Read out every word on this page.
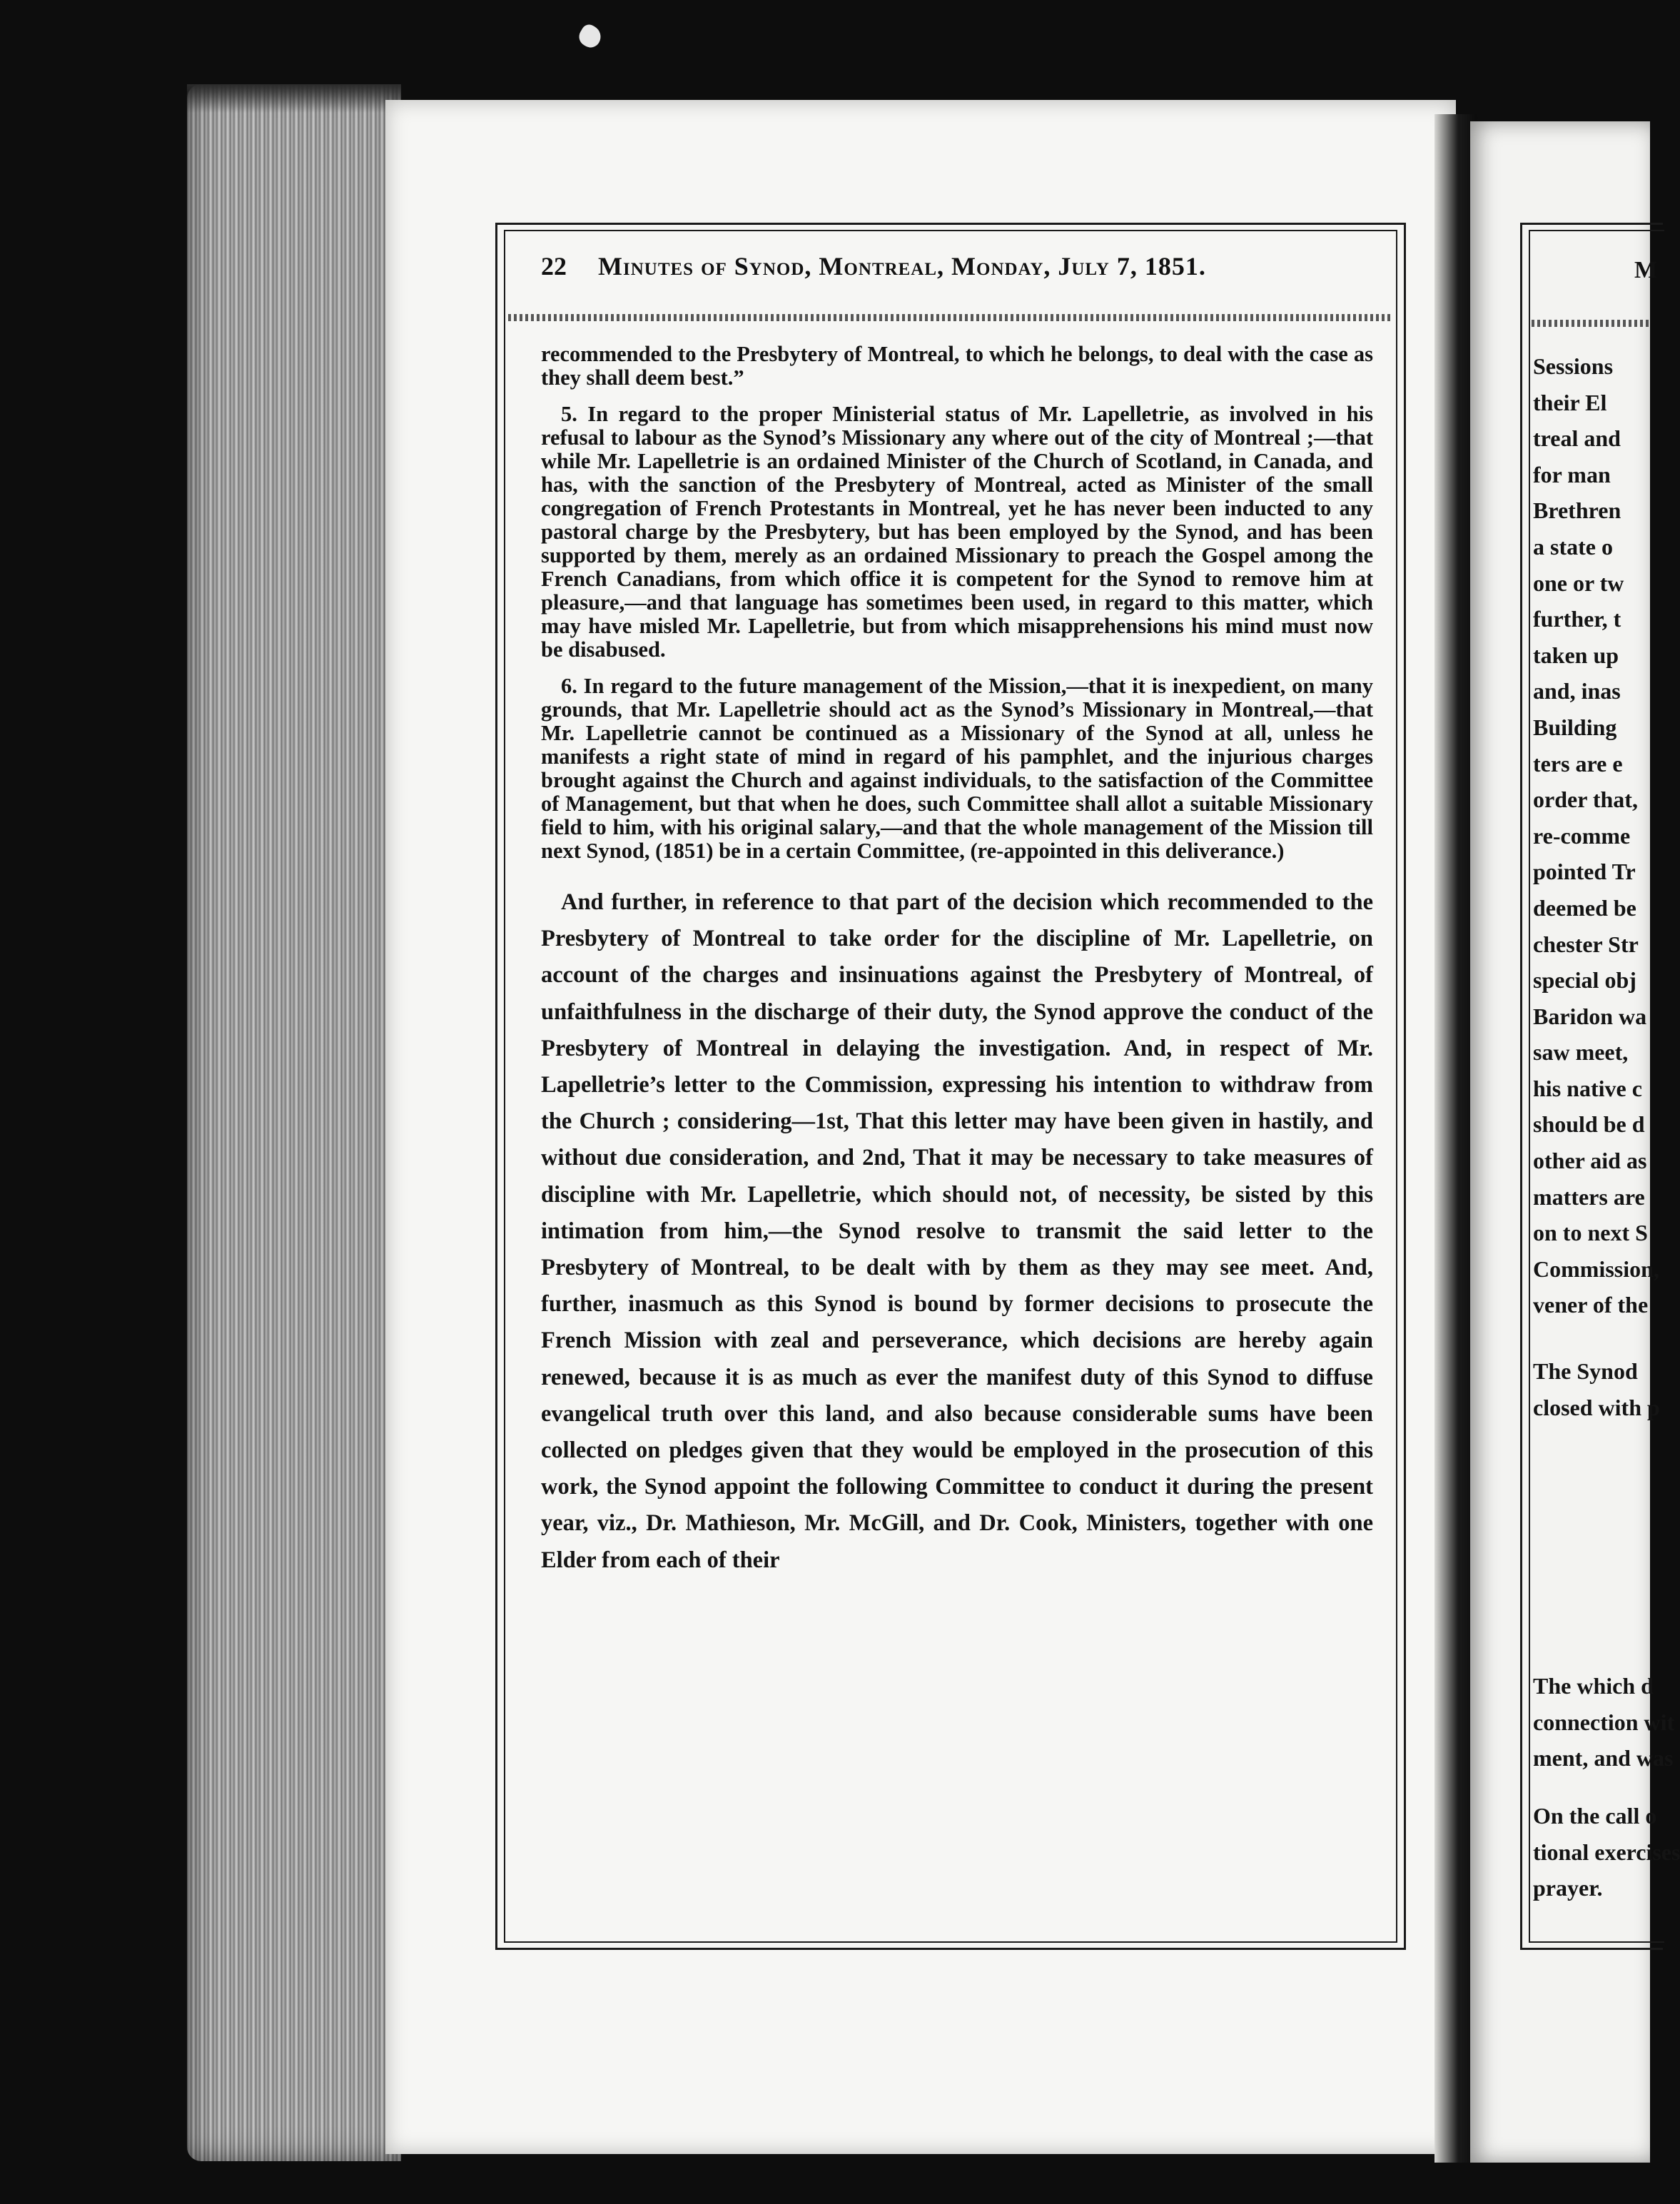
22 Minutes of Synod, Montreal, Monday, July 7, 1851.

recommended to the Presbytery of Montreal, to which he belongs, to deal with the case as they shall deem best.”

5. In regard to the proper Ministerial status of Mr. Lapelletrie, as involved in his refusal to labour as the Synod’s Missionary any where out of the city of Montreal ;—that while Mr. Lapelletrie is an ordained Minister of the Church of Scotland, in Canada, and has, with the sanction of the Presbytery of Montreal, acted as Minister of the small congregation of French Protestants in Montreal, yet he has never been inducted to any pastoral charge by the Presbytery, but has been employed by the Synod, and has been supported by them, merely as an ordained Missionary to preach the Gospel among the French Canadians, from which office it is competent for the Synod to remove him at pleasure,—and that language has sometimes been used, in regard to this matter, which may have misled Mr. Lapelletrie, but from which misapprehensions his mind must now be disabused.

6. In regard to the future management of the Mission,—that it is inexpedient, on many grounds, that Mr. Lapelletrie should act as the Synod’s Missionary in Montreal,—that Mr. Lapelletrie cannot be continued as a Missionary of the Synod at all, unless he manifests a right state of mind in regard of his pamphlet, and the injurious charges brought against the Church and against individuals, to the satisfaction of the Committee of Management, but that when he does, such Committee shall allot a suitable Missionary field to him, with his original salary,—and that the whole management of the Mission till next Synod, (1851) be in a certain Committee, (re-appointed in this deliverance.)

And further, in reference to that part of the decision which recommended to the Presbytery of Montreal to take order for the discipline of Mr. Lapelletrie, on account of the charges and insinuations against the Presbytery of Montreal, of unfaithfulness in the discharge of their duty, the Synod approve the conduct of the Presbytery of Montreal in delaying the investigation. And, in respect of Mr. Lapelletrie’s letter to the Commission, expressing his intention to withdraw from the Church ; considering—1st, That this letter may have been given in hastily, and without due consideration, and 2nd, That it may be necessary to take measures of discipline with Mr. Lapelletrie, which should not, of necessity, be sisted by this intimation from him,—the Synod resolve to transmit the said letter to the Presbytery of Montreal, to be dealt with by them as they may see meet. And, further, inasmuch as this Synod is bound by former decisions to prosecute the French Mission with zeal and perseverance, which decisions are hereby again renewed, because it is as much as ever the manifest duty of this Synod to diffuse evangelical truth over this land, and also because considerable sums have been collected on pledges given that they would be employed in the prosecution of this work, the Synod appoint the following Committee to conduct it during the present year, viz., Dr. Mathieson, Mr. McGill, and Dr. Cook, Ministers, together with one Elder from each of their

M
Sessions
their El
treal and
for man
Brethren
a state o
one or tw
further, t
taken up
and, inas
Building
ters are e
order that,
re-comme
pointed Tr
deemed be
chester Str
special obj
Baridon wa
saw meet,
his native c
should be d
other aid as
matters are
on to next S
Commission,
vener of the
The Synod
closed with p
The which d
connection wit
ment, and was
On the call o
tional exercises
prayer.
